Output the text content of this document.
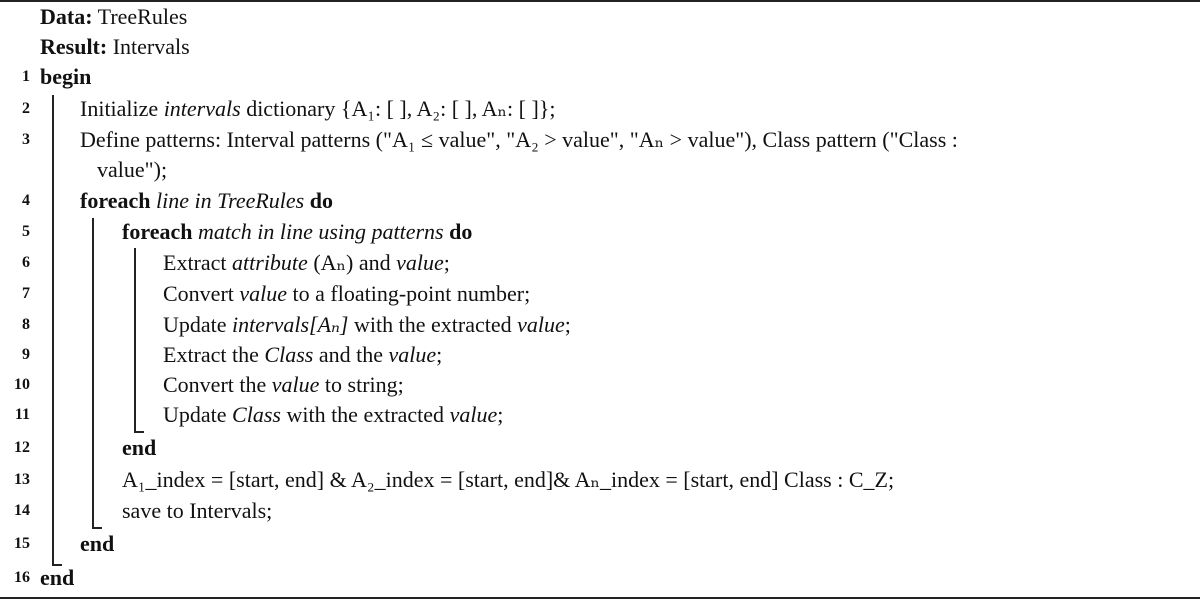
Data: TreeRules
Result: Intervals
1 begin
2 Initialize intervals dictionary {A₁: [ ], A₂: [ ], Aₙ: [ ]};
3 Define patterns: Interval patterns ("A₁ ≤ value", "A₂ > value", "Aₙ > value"), Class pattern ("Class :
value");
4 foreach line in TreeRules do
5	foreach match in line using patterns do
6	Extract attribute (Aₙ) and value;
7	Convert value to a floating-point number;
8	Update intervals[Aₙ] with the extracted value;
9	Extract the Class and the value;
10	Convert the value to string;
11	Update Class with the extracted value;
12	end
13	A₁_index = [start, end] & A₂_index = [start, end]& Aₙ_index = [start, end] Class : C_Z;
14	save to Intervals;
15 end
16 end
